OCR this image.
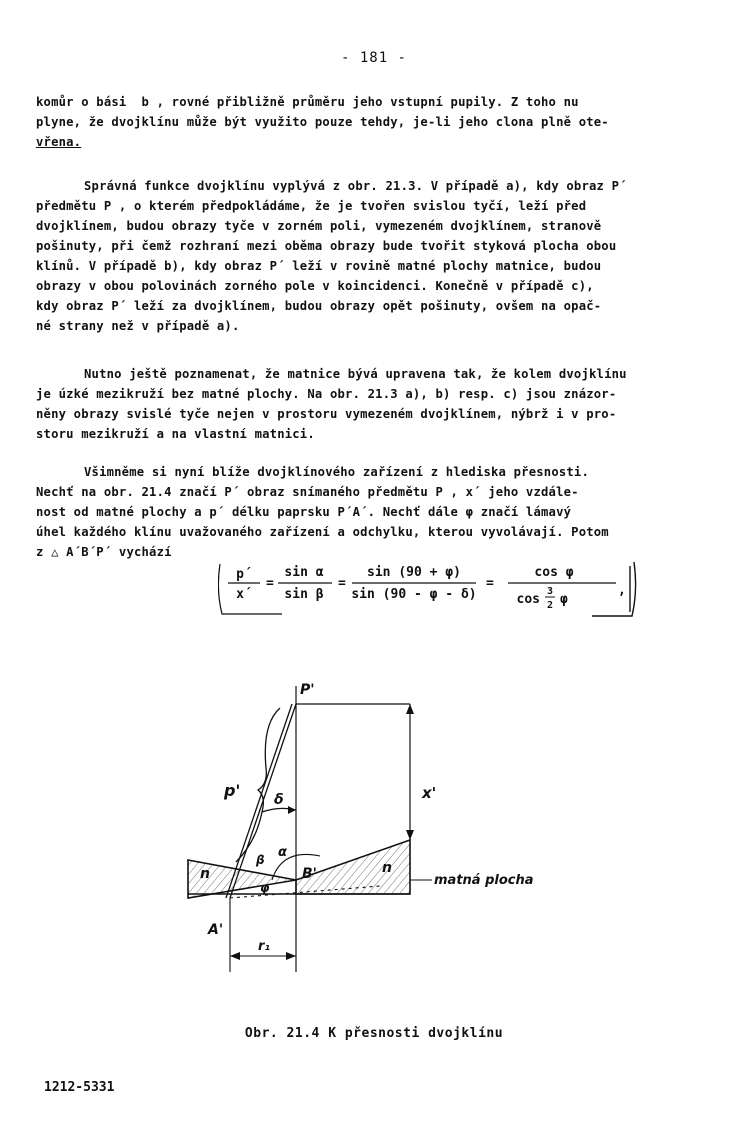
- 181 -
komůr o bási  b , rovné přibližně průměru jeho vstupní pupily. Z toho nu
plyne, že dvojklínu může být využito pouze tehdy, je-li jeho clona plně ote-
vřena.
Správná funkce dvojklínu vyplývá z obr. 21.3. V případě a), kdy obraz P´
předmětu P , o kterém předpokládáme, že je tvořen svislou tyčí, leží před
dvojklínem, budou obrazy tyče v zorném poli, vymezeném dvojklínem, stranově
pošinuty, při čemž rozhraní mezi oběma obrazy bude tvořit styková plocha obou
klínů. V případě b), kdy obraz P´ leží v rovině matné plochy matnice, budou
obrazy v obou polovinách zorného pole v koincidenci. Konečně v případě c),
kdy obraz P´ leží za dvojklínem, budou obrazy opět pošinuty, ovšem na opač-
né strany než v případě a).
Nutno ještě poznamenat, že matnice bývá upravena tak, že kolem dvojklínu
je úzké mezikruží bez matné plochy. Na obr. 21.3 a), b) resp. c) jsou znázor-
něny obrazy svislé tyče nejen v prostoru vymezeném dvojklínem, nýbrž i v pro-
storu mezikruží a na vlastní matnici.
Všimněme si nyní blíže dvojklínového zařízení z hlediska přesnosti.
Nechť na obr. 21.4 značí P´ obraz snímaného předmětu P , x´ jeho vzdále-
nost od matné plochy a p´ délku paprsku P´A´. Nechť dále φ značí lámavý
úhel každého klínu uvažovaného zařízení a odchylku, kterou vyvolávají. Potom
z △ A´B´P´ vychází
p´
x´
=
sin α
sin β
=
sin (90 + φ)
sin (90 - φ - δ)
=
cos φ
cos
3
2 φ
,
P'
B'
A'
p'	x'
δ
α
β
φ
n	n
matná plocha
r₁
Obr. 21.4 K přesnosti dvojklínu
1212-5331
